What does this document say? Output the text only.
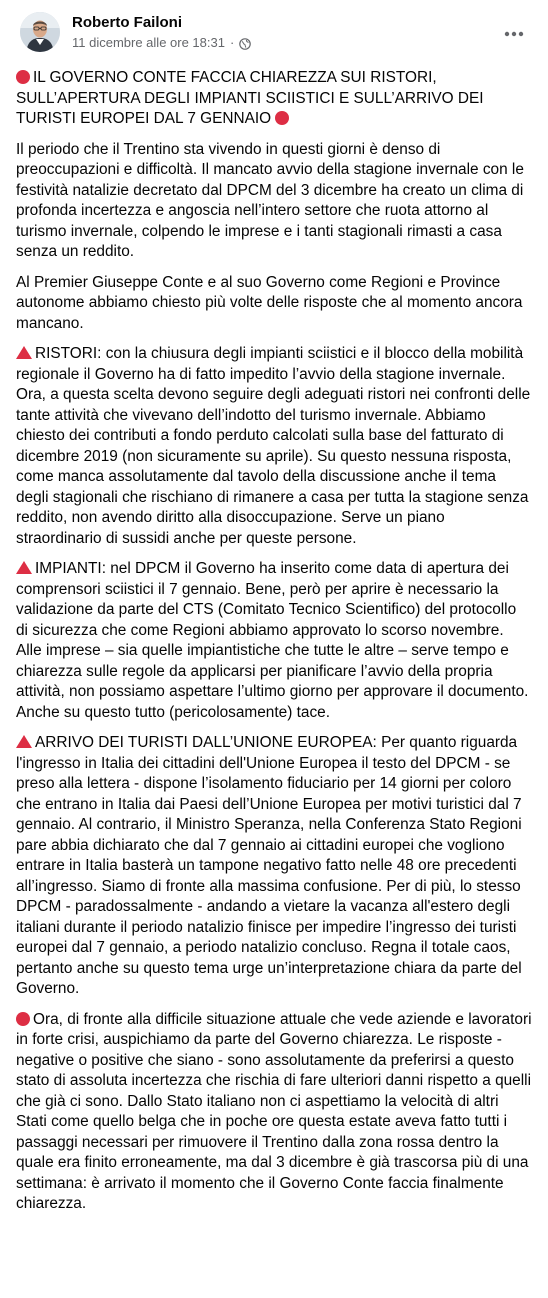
Roberto Failoni
11 dicembre alle ore 18:31 ·

IL GOVERNO CONTE FACCIA CHIAREZZA SUI RISTORI, SULL’APERTURA DEGLI IMPIANTI SCIISTICI E SULL’ARRIVO DEI TURISTI EUROPEI DAL 7 GENNAIO

Il periodo che il Trentino sta vivendo in questi giorni è denso di preoccupazioni e difficoltà. Il mancato avvio della stagione invernale con le festività natalizie decretato dal DPCM del 3 dicembre ha creato un clima di profonda incertezza e angoscia nell’intero settore che ruota attorno al turismo invernale, colpendo le imprese e i tanti stagionali rimasti a casa senza un reddito.

Al Premier Giuseppe Conte e al suo Governo come Regioni e Province autonome abbiamo chiesto più volte delle risposte che al momento ancora mancano.

RISTORI: con la chiusura degli impianti sciistici e il blocco della mobilità regionale il Governo ha di fatto impedito l’avvio della stagione invernale. Ora, a questa scelta devono seguire degli adeguati ristori nei confronti delle tante attività che vivevano dell’indotto del turismo invernale. Abbiamo chiesto dei contributi a fondo perduto calcolati sulla base del fatturato di dicembre 2019 (non sicuramente su aprile). Su questo nessuna risposta, come manca assolutamente dal tavolo della discussione anche il tema degli stagionali che rischiano di rimanere a casa per tutta la stagione senza reddito, non avendo diritto alla disoccupazione. Serve un piano straordinario di sussidi anche per queste persone.

IMPIANTI: nel DPCM il Governo ha inserito come data di apertura dei comprensori sciistici il 7 gennaio. Bene, però per aprire è necessario la validazione da parte del CTS (Comitato Tecnico Scientifico) del protocollo di sicurezza che come Regioni abbiamo approvato lo scorso novembre. Alle imprese – sia quelle impiantistiche che tutte le altre – serve tempo e chiarezza sulle regole da applicarsi per pianificare l’avvio della propria attività, non possiamo aspettare l’ultimo giorno per approvare il documento. Anche su questo tutto (pericolosamente) tace.

ARRIVO DEI TURISTI DALL’UNIONE EUROPEA: Per quanto riguarda l'ingresso in Italia dei cittadini dell'Unione Europea il testo del DPCM - se preso alla lettera - dispone l’isolamento fiduciario per 14 giorni per coloro che entrano in Italia dai Paesi dell’Unione Europea per motivi turistici dal 7 gennaio. Al contrario, il Ministro Speranza, nella Conferenza Stato Regioni pare abbia dichiarato che dal 7 gennaio ai cittadini europei che vogliono entrare in Italia basterà un tampone negativo fatto nelle 48 ore precedenti all’ingresso. Siamo di fronte alla massima confusione. Per di più, lo stesso DPCM - paradossalmente - andando a vietare la vacanza all'estero degli italiani durante il periodo natalizio finisce per impedire l’ingresso dei turisti europei dal 7 gennaio, a periodo natalizio concluso. Regna il totale caos, pertanto anche su questo tema urge un’interpretazione chiara da parte del Governo.

Ora, di fronte alla difficile situazione attuale che vede aziende e lavoratori in forte crisi, auspichiamo da parte del Governo chiarezza. Le risposte - negative o positive che siano - sono assolutamente da preferirsi a questo stato di assoluta incertezza che rischia di fare ulteriori danni rispetto a quelli che già ci sono. Dallo Stato italiano non ci aspettiamo la velocità di altri Stati come quello belga che in poche ore questa estate aveva fatto tutti i passaggi necessari per rimuovere il Trentino dalla zona rossa dentro la quale era finito erroneamente, ma dal 3 dicembre è già trascorsa più di una settimana: è arrivato il momento che il Governo Conte faccia finalmente chiarezza.
